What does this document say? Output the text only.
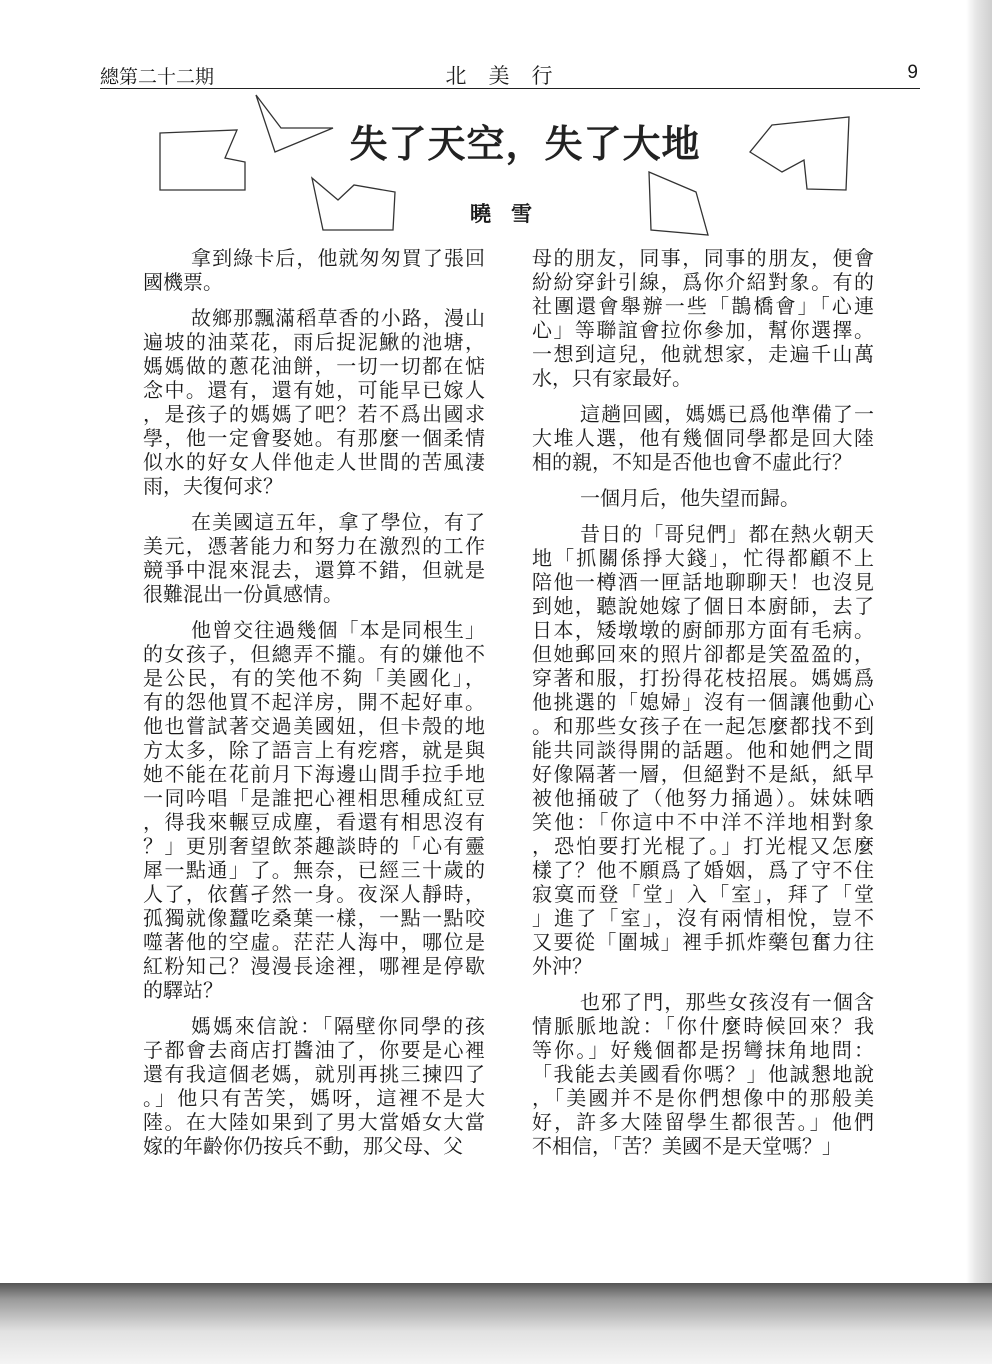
總第二十二期	北美行	9
失了天空，失了大地
曉雪
拿到綠卡后，他就匆匆買了張回
國機票。
故鄉那飄滿稻草香的小路，漫山
遍坡的油菜花，雨后捉泥鰍的池塘，
媽媽做的蔥花油餅，一切一切都在惦
念中。還有，還有她，可能早已嫁人
，是孩子的媽媽了吧？若不爲出國求
學，他一定會娶她。有那麼一個柔情
似水的好女人伴他走人世間的苦風淒
雨，夫復何求？
在美國這五年，拿了學位，有了
美元，憑著能力和努力在激烈的工作
競爭中混來混去，還算不錯，但就是
很難混出一份眞感情。
他曾交往過幾個「本是同根生」
的女孩子，但總弄不攏。有的嫌他不
是公民，有的笑他不夠「美國化」，
有的怨他買不起洋房，開不起好車。
他也嘗試著交過美國妞，但卡殼的地
方太多，除了語言上有疙瘩，就是與
她不能在花前月下海邊山間手拉手地
一同吟唱「是誰把心裡相思種成紅豆
，得我來輾豆成塵，看還有相思沒有
？」更別奢望飲茶趣談時的「心有靈
犀一點通」了。無奈，已經三十歲的
人了，依舊孑然一身。夜深人靜時，
孤獨就像蠶吃桑葉一樣，一點一點咬
噬著他的空虛。茫茫人海中，哪位是
紅粉知己？漫漫長途裡，哪裡是停歇
的驛站？
媽媽來信說：「隔壁你同學的孩
子都會去商店打醬油了，你要是心裡
還有我這個老媽，就別再挑三揀四了
。」他只有苦笑，媽呀，這裡不是大
陸。在大陸如果到了男大當婚女大當
嫁的年齡你仍按兵不動，那父母、父
母的朋友，同事，同事的朋友，便會
紛紛穿針引線，爲你介紹對象。有的
社團還會舉辦一些「鵲橋會」「心連
心」等聯誼會拉你參加，幫你選擇。
一想到這兒，他就想家，走遍千山萬
水，只有家最好。
這趟回國，媽媽已爲他準備了一
大堆人選，他有幾個同學都是回大陸
相的親，不知是否他也會不虛此行？
一個月后，他失望而歸。
昔日的「哥兒們」都在熱火朝天
地「抓關係掙大錢」，忙得都顧不上
陪他一樽酒一匣話地聊聊天！也沒見
到她，聽說她嫁了個日本廚師，去了
日本，矮墩墩的廚師那方面有毛病。
但她郵回來的照片卻都是笑盈盈的，
穿著和服，打扮得花枝招展。媽媽爲
他挑選的「媳婦」沒有一個讓他動心
。和那些女孩子在一起怎麼都找不到
能共同談得開的話題。他和她們之間
好像隔著一層，但絕對不是紙，紙早
被他捅破了（他努力捅過）。妹妹哂
笑他：「你這中不中洋不洋地相對象
，恐怕要打光棍了。」打光棍又怎麼
樣了？他不願爲了婚姻，爲了守不住
寂寞而登「堂」入「室」，拜了「堂
」進了「室」，沒有兩情相悅，豈不
又要從「圍城」裡手抓炸藥包奮力往
外沖？
也邪了門，那些女孩沒有一個含
情脈脈地說：「你什麼時候回來？我
等你。」好幾個都是拐彎抹角地問：
「我能去美國看你嗎？」他誠懇地說
，「美國并不是你們想像中的那般美
好，許多大陸留學生都很苦。」他們
不相信，「苦？美國不是天堂嗎？」
